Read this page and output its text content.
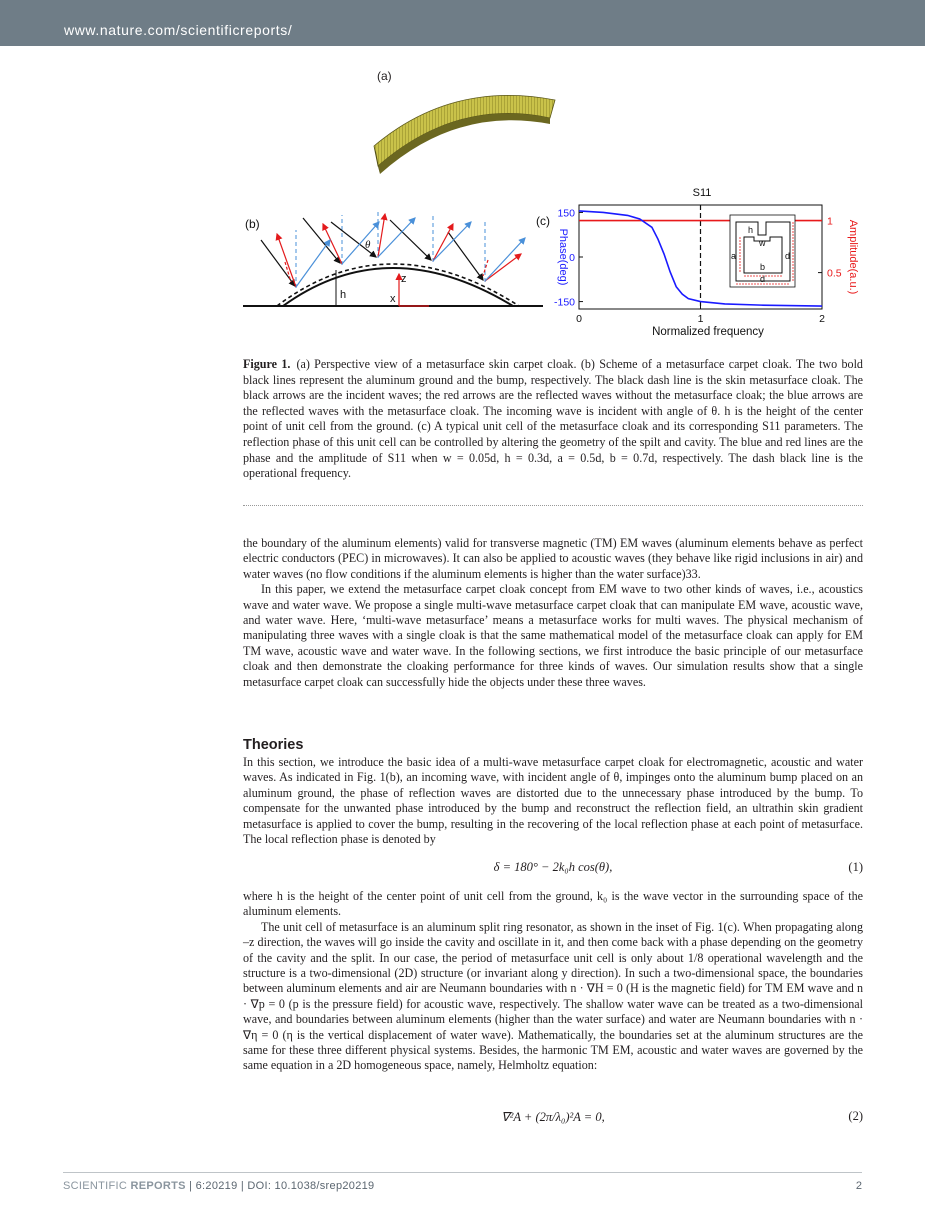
www.nature.com/scientificreports/
(a)
(b)
h
z
x
θ
(c)
S11
Phase(deg)	Amplitude(a.u.)
Normalized frequency
150
0
-150
1
0.5
0	1	2
h
w
a
b
d
d
Figure 1. (a) Perspective view of a metasurface skin carpet cloak. (b) Scheme of a metasurface carpet cloak. The two bold black lines represent the aluminum ground and the bump, respectively. The black dash line is the skin metasurface cloak. The black arrows are the incident waves; the red arrows are the reflected waves without the metasurface cloak; the blue arrows are the reflected waves with the metasurface cloak. The incoming wave is incident with angle of θ. h is the height of the center point of unit cell from the ground. (c) A typical unit cell of the metasurface cloak and its corresponding S11 parameters. The reflection phase of this unit cell can be controlled by altering the geometry of the spilt and cavity. The blue and red lines are the phase and the amplitude of S11 when w = 0.05d, h = 0.3d, a = 0.5d, b = 0.7d, respectively. The dash black line is the operational frequency.

the boundary of the aluminum elements) valid for transverse magnetic (TM) EM waves (aluminum elements behave as perfect electric conductors (PEC) in microwaves). It can also be applied to acoustic waves (they behave like rigid inclusions in air) and water waves (no flow conditions if the aluminum elements is higher than the water surface)33.

In this paper, we extend the metasurface carpet cloak concept from EM wave to two other kinds of waves, i.e., acoustics wave and water wave. We propose a single multi-wave metasurface carpet cloak that can manipulate EM wave, acoustic wave, and water wave. Here, ‘multi-wave metasurface’ means a metasurface works for multi waves. The physical mechanism of manipulating three waves with a single cloak is that the same mathematical model of the metasurface cloak can apply for EM TM wave, acoustic wave and water wave. In the following sections, we first introduce the basic principle of our metasurface cloak and then demonstrate the cloaking performance for three kinds of waves. Our simulation results show that a single metasurface carpet cloak can successfully hide the objects under these three waves.

Theories

In this section, we introduce the basic idea of a multi-wave metasurface carpet cloak for electromagnetic, acoustic and water waves. As indicated in Fig. 1(b), an incoming wave, with incident angle of θ, impinges onto the aluminum bump placed on an aluminum ground, the phase of reflection waves are distorted due to the unnecessary phase introduced by the bump. To compensate for the unwanted phase introduced by the bump and reconstruct the reflection field, an ultrathin skin gradient metasurface is applied to cover the bump, resulting in the recovering of the local reflection phase at each point of metasurface. The local reflection phase is denoted by

δ = 180° − 2k₀h cos(θ),	(1)

where h is the height of the center point of unit cell from the ground, k₀ is the wave vector in the surrounding space of the aluminum elements.

The unit cell of metasurface is an aluminum split ring resonator, as shown in the inset of Fig. 1(c). When propagating along –z direction, the waves will go inside the cavity and oscillate in it, and then come back with a phase depending on the geometry of the cavity and the split. In our case, the period of metasurface unit cell is only about 1/8 operational wavelength and the structure is a two-dimensional (2D) structure (or invariant along y direction). In such a two-dimensional space, the boundaries between aluminum elements and air are Neumann boundaries with n · ∇H = 0 (H is the magnetic field) for TM EM wave and n · ∇p = 0 (p is the pressure field) for acoustic wave, respectively. The shallow water wave can be treated as a two-dimensional wave, and boundaries between aluminum elements (higher than the water surface) and water are Neumann boundaries with n · ∇η = 0 (η is the vertical displacement of water wave). Mathematically, the boundaries set at the aluminum structures are the same for these three different physical systems. Besides, the harmonic TM EM, acoustic and water waves are governed by the same equation in a 2D homogeneous space, namely, Helmholtz equation:

∇²A + (2π/λ₀)²A = 0,	(2)
SCIENTIFIC REPORTS | 6:20219 | DOI: 10.1038/srep20219	2
